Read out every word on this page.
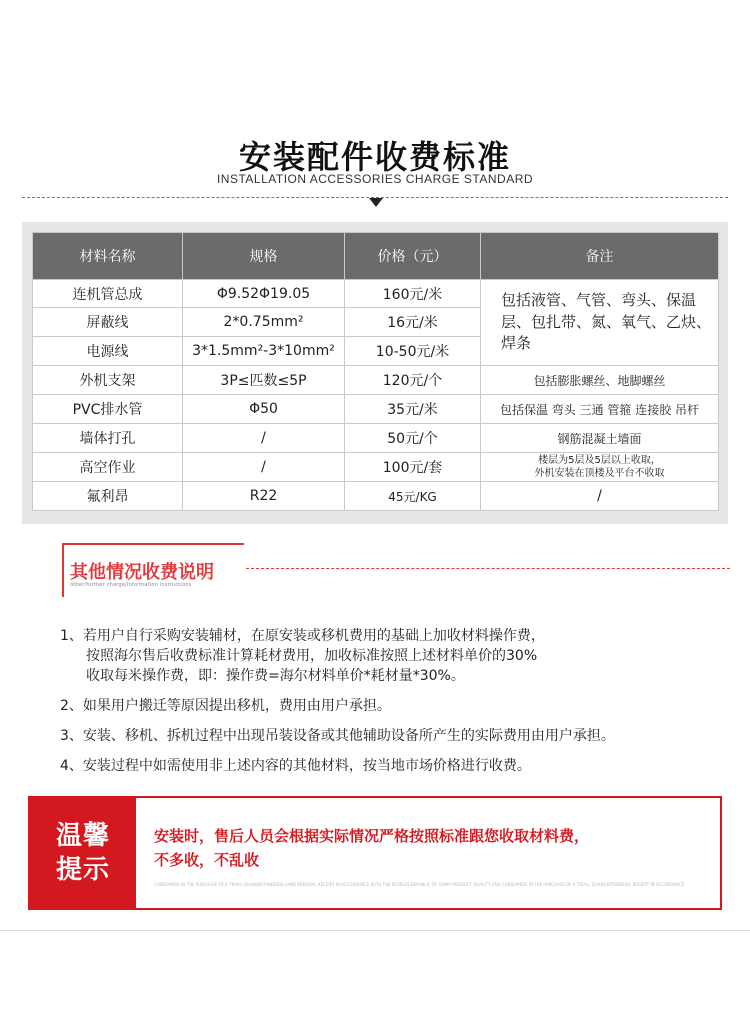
安装配件收费标准
INSTALLATION ACCESSORIES CHARGE STANDARD
材料名称	规格	价格（元）	备注
连机管总成	Φ9.52Φ19.05	160元/米	包括液管、气管、弯头、保温层、包扎带、氮、氧气、乙炔、焊条
屏蔽线	2*0.75mm²	16元/米	
电源线	3*1.5mm²-3*10mm²	10-50元/米	
外机支架	3P≤匹数≤5P	120元/个	包括膨胀螺丝、地脚螺丝
PVC排水管	Φ50	35元/米	包括保温 弯头 三通 管箍 连接胶 吊杆
墙体打孔	/	50元/个	钢筋混凝土墙面
高空作业	/	100元/套	楼层为5层及5层以上收取，
外机安装在顶楼及平台不收取
氟利昂	R22	45元/KG	/
其他情况收费说明
other/further charge/information instructions
1、若用户自行采购安装辅材，在原安装或移机费用的基础上加收材料操作费，
按照海尔售后收费标准计算耗材费用，加收标准按照上述材料单价的30%
收取每米操作费，即：操作费=海尔材料单价*耗材量*30%。
2、如果用户搬迁等原因提出移机，费用由用户承担。
3、安装、移机、拆机过程中出现吊装设备或其他辅助设备所产生的实际费用由用户承担。
4、安装过程中如需使用非上述内容的其他材料，按当地市场价格进行收费。
温馨
提示
安装时，售后人员会根据实际情况严格按照标准跟您收取材料费，
不多收，不乱收
CONSUMERS IN THE PURCHASE OF A TRIALL QUANQIUTIANDIXIU LAND REMOVAL RECEIPT IN ACCORDANCE WITH THE PEOPLES REPUBLIC OF CHINA PRODUCT QUALITY LAW CONSUMERS IN THE PURCHASE OF A TRIALL QUANQIUTIANDIXIU RECEIPT IN ACCORDANCE
